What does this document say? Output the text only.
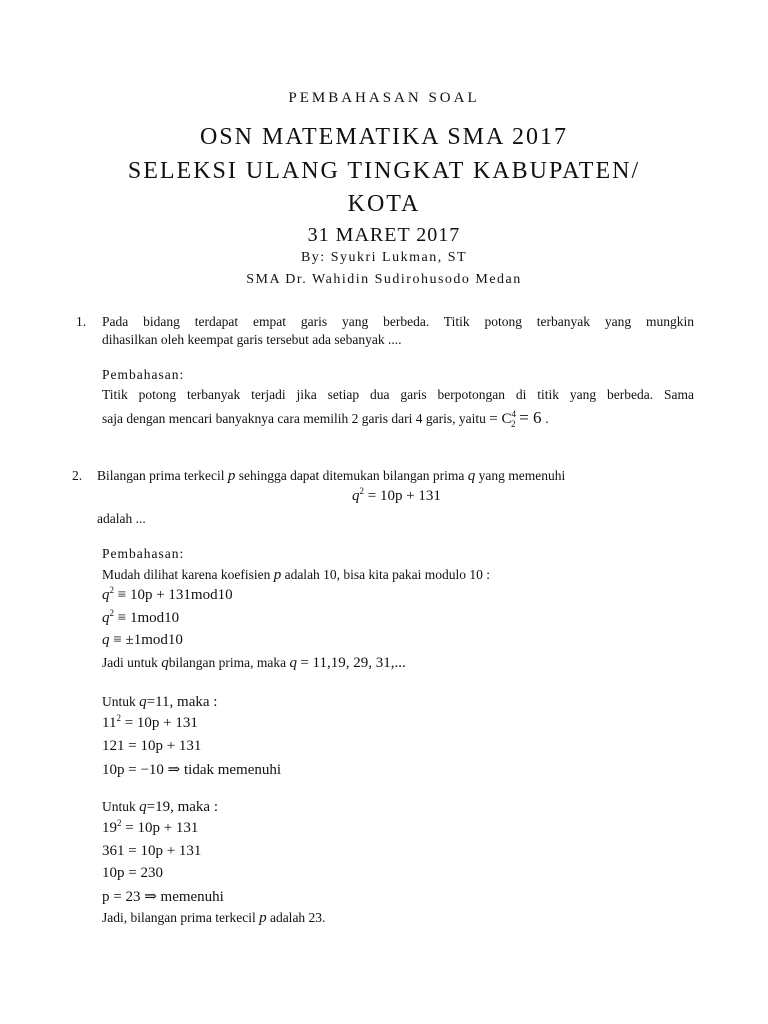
PEMBAHASAN SOAL
OSN MATEMATIKA SMA 2017
SELEKSI ULANG TINGKAT KABUPATEN/
KOTA
31 MARET 2017
By: Syukri Lukman, ST
SMA Dr. Wahidin Sudirohusodo Medan
1. Pada bidang terdapat empat garis yang berbeda. Titik potong terbanyak yang mungkin
dihasilkan oleh keempat garis tersebut ada sebanyak ....
Pembahasan:
Titik potong terbanyak terjadi jika setiap dua garis berpotongan di titik yang berbeda. Sama
saja dengan mencari banyaknya cara memilih 2 garis dari 4 garis, yaitu = $C^4_2 = 6$ .
2. Bilangan prima terkecil p sehingga dapat ditemukan bilangan prima q yang memenuhi
$q^2 = 10p + 131$
adalah ...
Pembahasan:
Mudah dilihat karena koefisien p adalah 10, bisa kita pakai modulo 10 :
$q^2 \equiv 10p + 131mod10$
$q^2 \equiv 1mod10$
q ≡ ±1mod10
Jadi untuk qbilangan prima, maka q = 11,19, 29, 31,...
Untuk q=11, maka :
$11^2 = 10p + 131$
121 = 10p + 131
10p = −10 ⇒ tidak memenuhi
Untuk q=19, maka :
$19^2 = 10p + 131$
361 = 10p + 131
10p = 230
p = 23 ⇒ memenuhi
Jadi, bilangan prima terkecil p adalah 23.
